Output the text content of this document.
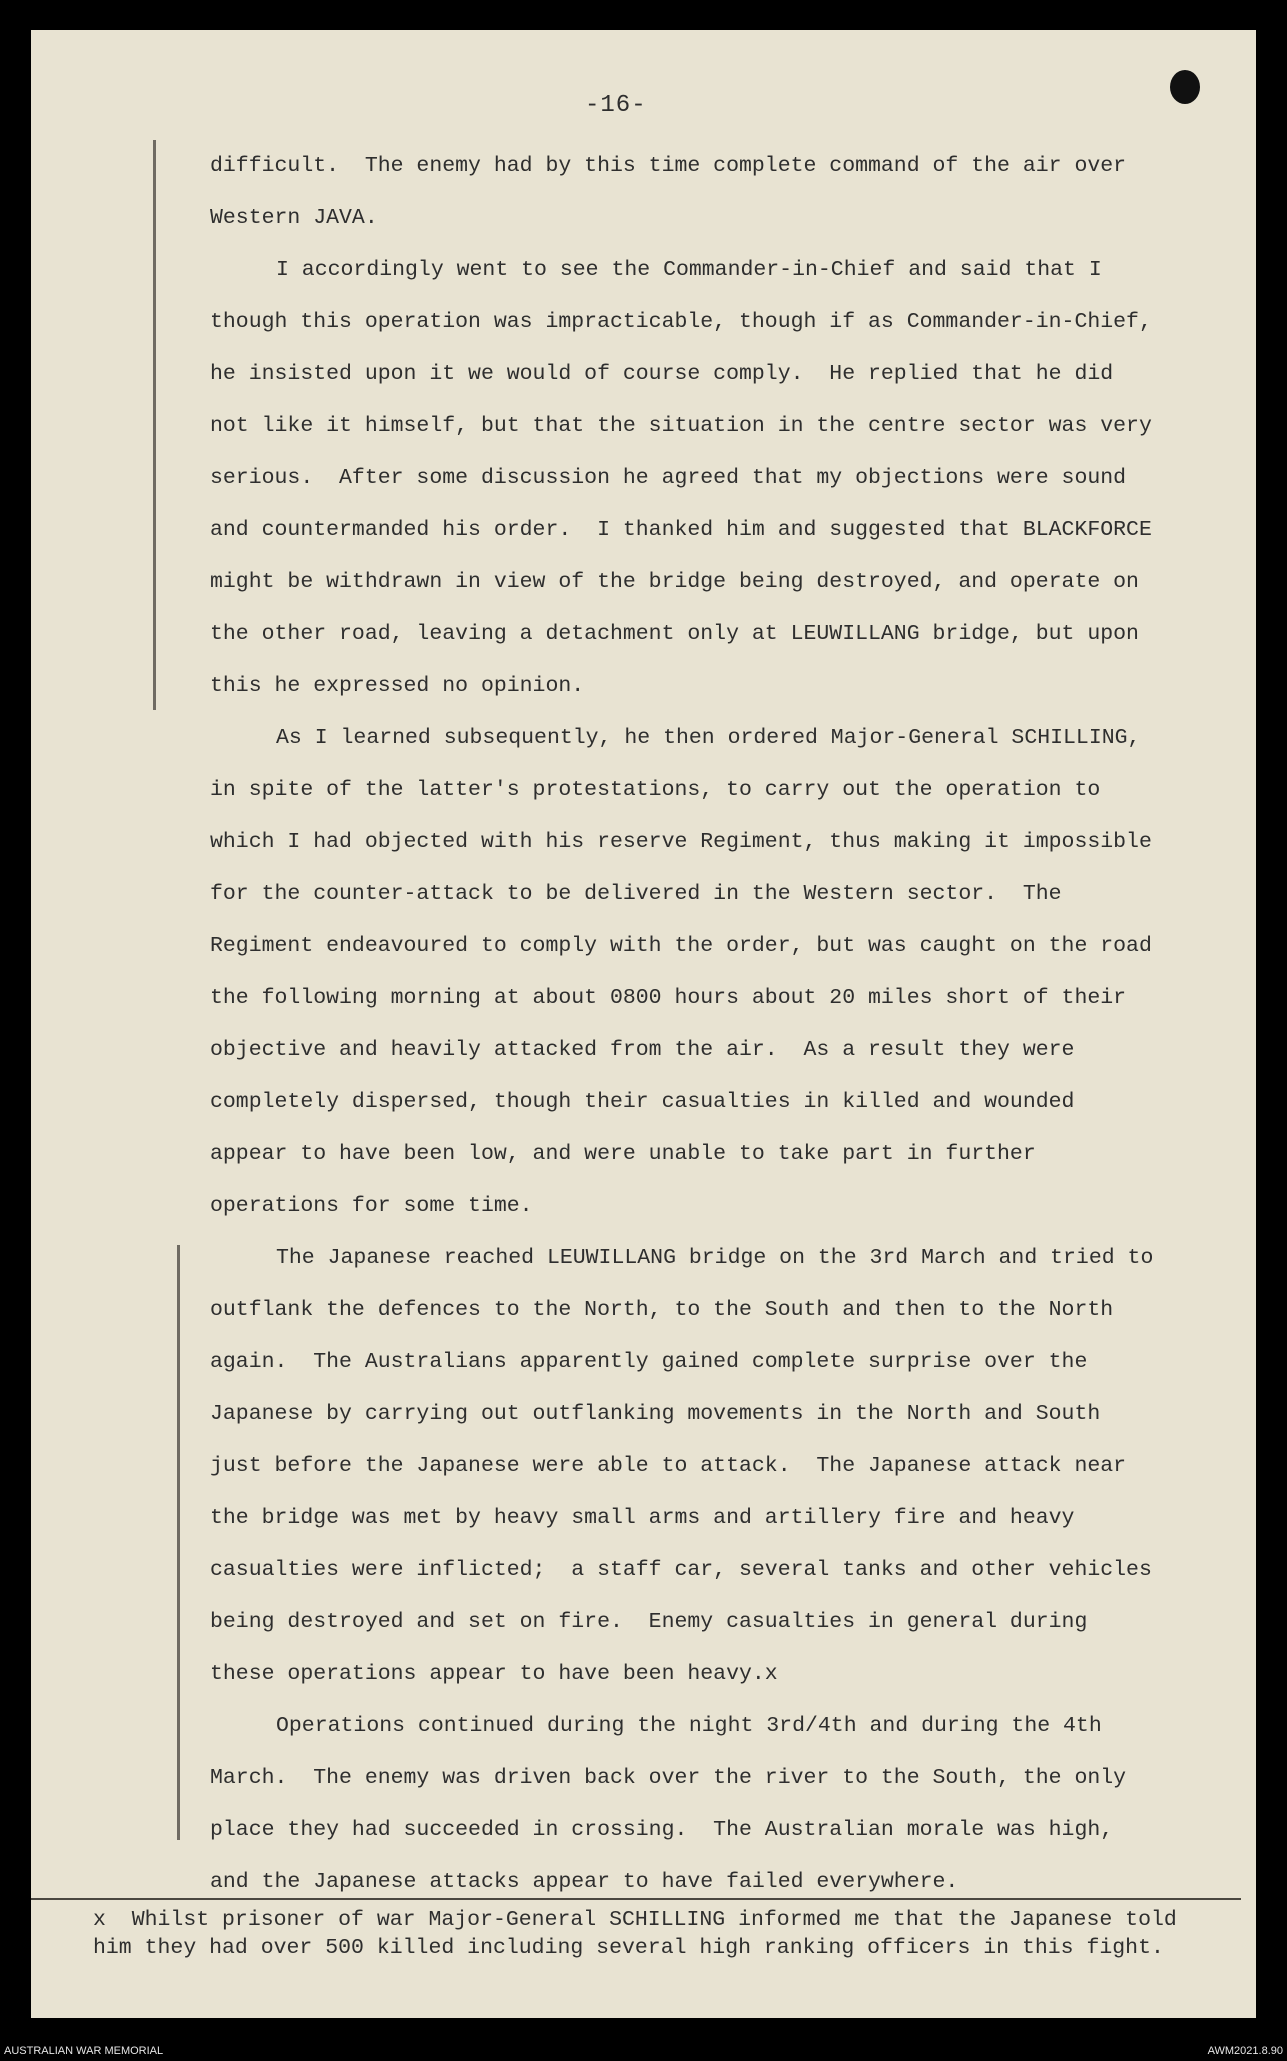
-16-
difficult.  The enemy had by this time complete command of the air over
Western JAVA.
I accordingly went to see the Commander-in-Chief and said that I
though this operation was impracticable, though if as Commander-in-Chief,
he insisted upon it we would of course comply.  He replied that he did
not like it himself, but that the situation in the centre sector was very
serious.  After some discussion he agreed that my objections were sound
and countermanded his order.  I thanked him and suggested that BLACKFORCE
might be withdrawn in view of the bridge being destroyed, and operate on
the other road, leaving a detachment only at LEUWILLANG bridge, but upon
this he expressed no opinion.
As I learned subsequently, he then ordered Major-General SCHILLING,
in spite of the latter's protestations, to carry out the operation to
which I had objected with his reserve Regiment, thus making it impossible
for the counter-attack to be delivered in the Western sector.  The
Regiment endeavoured to comply with the order, but was caught on the road
the following morning at about 0800 hours about 20 miles short of their
objective and heavily attacked from the air.  As a result they were
completely dispersed, though their casualties in killed and wounded
appear to have been low, and were unable to take part in further
operations for some time.
The Japanese reached LEUWILLANG bridge on the 3rd March and tried to
outflank the defences to the North, to the South and then to the North
again.  The Australians apparently gained complete surprise over the
Japanese by carrying out outflanking movements in the North and South
just before the Japanese were able to attack.  The Japanese attack near
the bridge was met by heavy small arms and artillery fire and heavy
casualties were inflicted;  a staff car, several tanks and other vehicles
being destroyed and set on fire.  Enemy casualties in general during
these operations appear to have been heavy.x
Operations continued during the night 3rd/4th and during the 4th
March.  The enemy was driven back over the river to the South, the only
place they had succeeded in crossing.  The Australian morale was high,
and the Japanese attacks appear to have failed everywhere.
x  Whilst prisoner of war Major-General SCHILLING informed me that the Japanese told
him they had over 500 killed including several high ranking officers in this fight.
AUSTRALIAN WAR MEMORIAL	AWM2021.8.90
